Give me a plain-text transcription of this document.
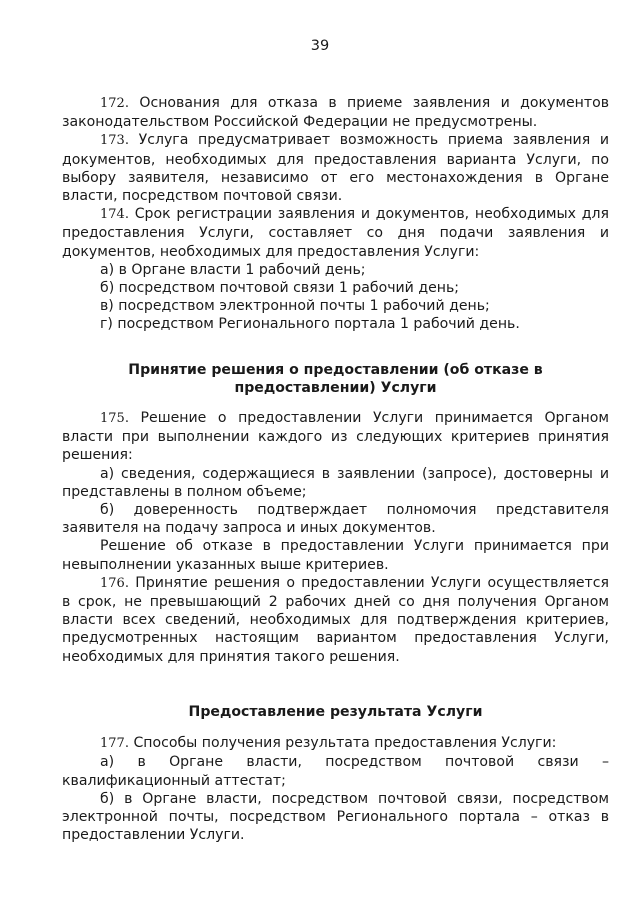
39

172. Основания для отказа в приеме заявления и документов законодательством Российской Федерации не предусмотрены.

173. Услуга предусматривает возможность приема заявления и документов, необходимых для предоставления варианта Услуги, по выбору заявителя, независимо от его местонахождения в Органе власти, посредством почтовой связи.

174. Срок регистрации заявления и документов, необходимых для предоставления Услуги, составляет со дня подачи заявления и документов, необходимых для предоставления Услуги:

а) в Органе власти 1 рабочий день;

б) посредством почтовой связи 1 рабочий день;

в) посредством электронной почты 1 рабочий день;

г) посредством Регионального портала 1 рабочий день.

Принятие решения о предоставлении (об отказе в предоставлении) Услуги

175. Решение о предоставлении Услуги принимается Органом власти при выполнении каждого из следующих критериев принятия решения:

а) сведения, содержащиеся в заявлении (запросе), достоверны и представлены в полном объеме;

б) доверенность подтверждает полномочия представителя заявителя на подачу запроса и иных документов.

Решение об отказе в предоставлении Услуги принимается при невыполнении указанных выше критериев.

176. Принятие решения о предоставлении Услуги осуществляется в срок, не превышающий 2 рабочих дней со дня получения Органом власти всех сведений, необходимых для подтверждения критериев, предусмотренных настоящим вариантом предоставления Услуги, необходимых для принятия такого решения.

Предоставление результата Услуги

177. Способы получения результата предоставления Услуги:

а) в Органе власти, посредством почтовой связи – квалификационный аттестат;

б) в Органе власти, посредством почтовой связи, посредством электронной почты, посредством Регионального портала – отказ в предоставлении Услуги.
